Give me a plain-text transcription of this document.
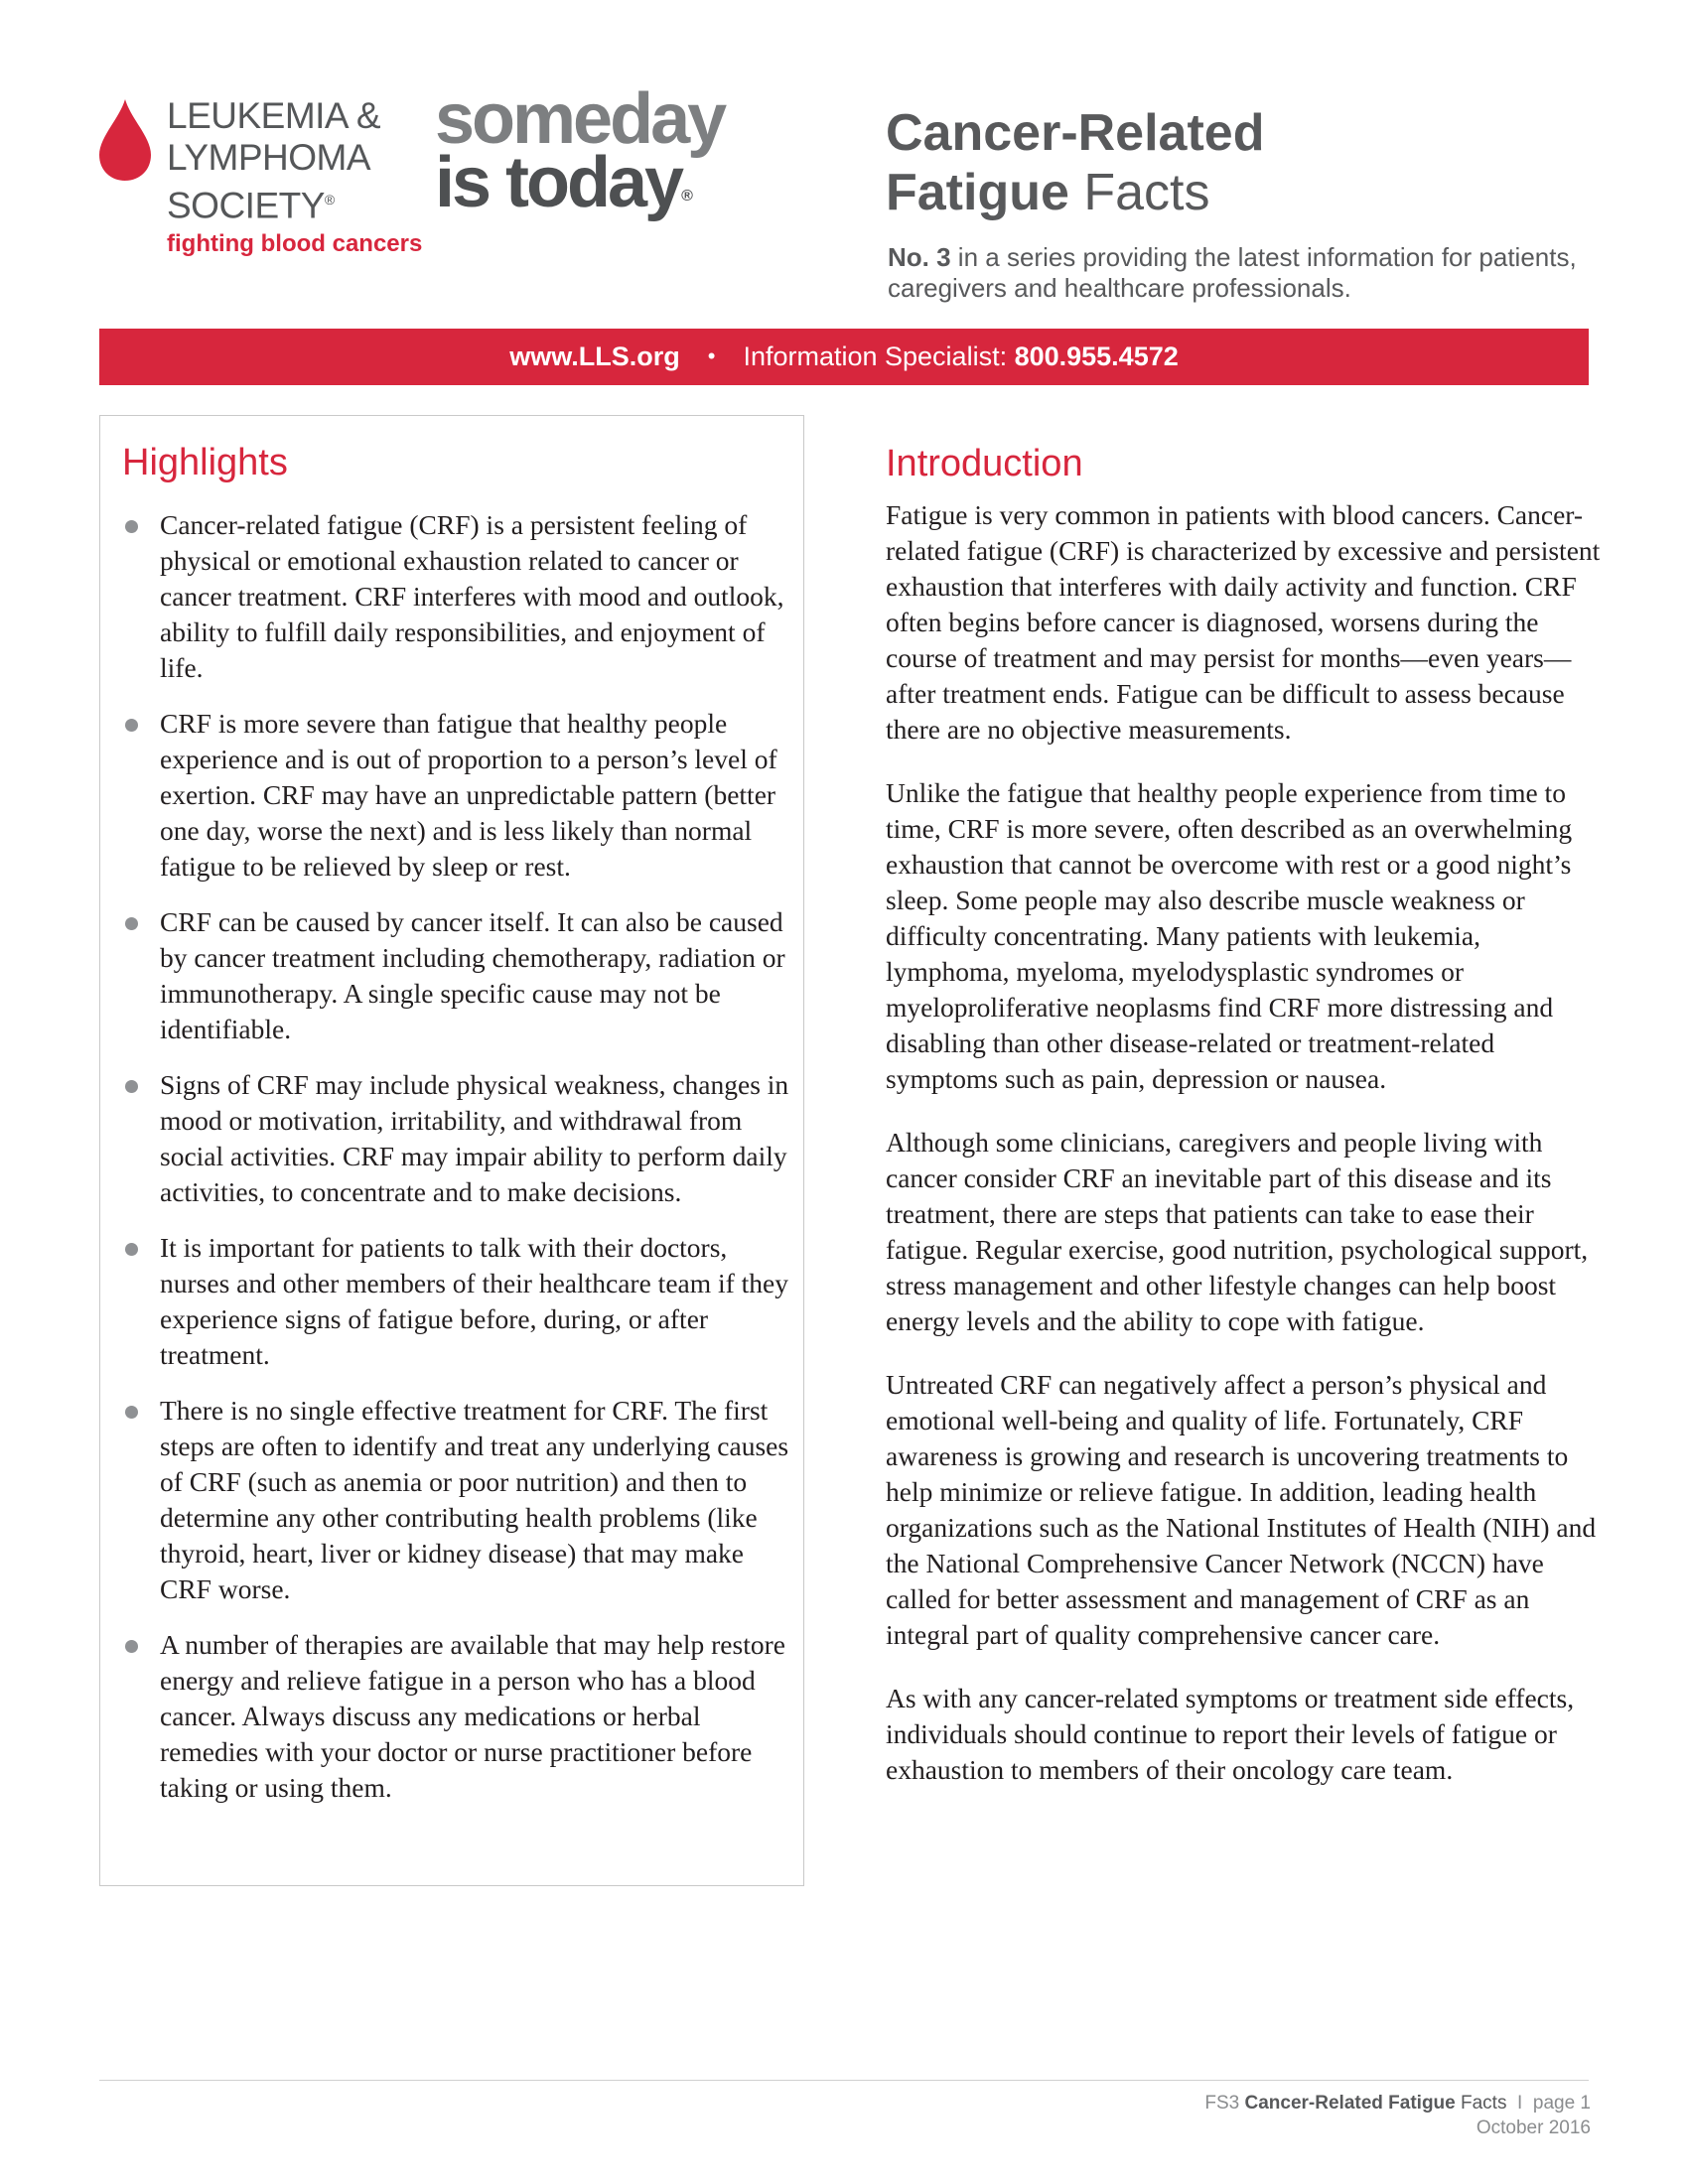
LEUKEMIA &
LYMPHOMA
SOCIETY®
fighting blood cancers
someday
is today®
Cancer-Related
Fatigue Facts
No. 3 in a series providing the latest information for patients, caregivers and healthcare professionals.
www.LLS.org • Information Specialist: 800.955.4572
Highlights
Cancer-related fatigue (CRF) is a persistent feeling of physical or emotional exhaustion related to cancer or cancer treatment. CRF interferes with mood and outlook, ability to fulfill daily responsibilities, and enjoyment of life.
CRF is more severe than fatigue that healthy people experience and is out of proportion to a person’s level of exertion. CRF may have an unpredictable pattern (better one day, worse the next) and is less likely than normal fatigue to be relieved by sleep or rest.
CRF can be caused by cancer itself. It can also be caused by cancer treatment including chemotherapy, radiation or immunotherapy. A single specific cause may not be identifiable.
Signs of CRF may include physical weakness, changes in mood or motivation, irritability, and withdrawal from social activities. CRF may impair ability to perform daily activities, to concentrate and to make decisions.
It is important for patients to talk with their doctors, nurses and other members of their healthcare team if they experience signs of fatigue before, during, or after treatment.
There is no single effective treatment for CRF. The first steps are often to identify and treat any underlying causes of CRF (such as anemia or poor nutrition) and then to determine any other contributing health problems (like thyroid, heart, liver or kidney disease) that may make CRF worse.
A number of therapies are available that may help restore energy and relieve fatigue in a person who has a blood cancer. Always discuss any medications or herbal remedies with your doctor or nurse practitioner before taking or using them.
Introduction

Fatigue is very common in patients with blood cancers. Cancer-related fatigue (CRF) is characterized by excessive and persistent exhaustion that interferes with daily activity and function. CRF often begins before cancer is diagnosed, worsens during the course of treatment and may persist for months—even years—after treatment ends. Fatigue can be difficult to assess because there are no objective measurements.

Unlike the fatigue that healthy people experience from time to time, CRF is more severe, often described as an overwhelming exhaustion that cannot be overcome with rest or a good night’s sleep. Some people may also describe muscle weakness or difficulty concentrating. Many patients with leukemia, lymphoma, myeloma, myelodysplastic syndromes or myeloproliferative neoplasms find CRF more distressing and disabling than other disease-related or treatment-related symptoms such as pain, depression or nausea.

Although some clinicians, caregivers and people living with cancer consider CRF an inevitable part of this disease and its treatment, there are steps that patients can take to ease their fatigue. Regular exercise, good nutrition, psychological support, stress management and other lifestyle changes can help boost energy levels and the ability to cope with fatigue.

Untreated CRF can negatively affect a person’s physical and emotional well-being and quality of life. Fortunately, CRF awareness is growing and research is uncovering treatments to help minimize or relieve fatigue. In addition, leading health organizations such as the National Institutes of Health (NIH) and the National Comprehensive Cancer Network (NCCN) have called for better assessment and management of CRF as an integral part of quality comprehensive cancer care.

As with any cancer-related symptoms or treatment side effects, individuals should continue to report their levels of fatigue or exhaustion to members of their oncology care team.

FS3 Cancer-Related Fatigue Facts  I  page 1
October 2016
